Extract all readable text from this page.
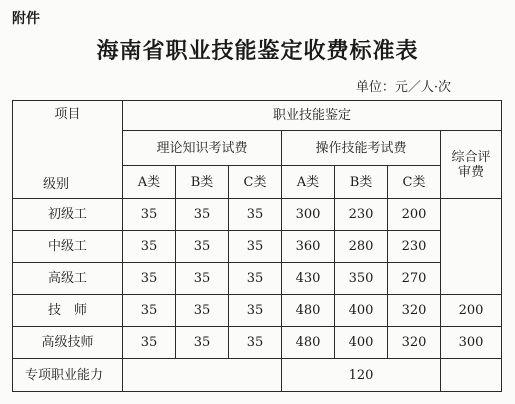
附件
海南省职业技能鉴定收费标准表
单位：元／人·次
项目
级别	职业技能鉴定						
	理论知识考试费			操作技能考试费			综合评审费
	A类	B类	C类	A类	B类	C类	
初级工	35	35	35	300	230	200	
中级工	35	35	35	360	280	230	
高级工	35	35	35	430	350	270	
技　师	35	35	35	480	400	320	200
高级技师	35	35	35	480	400	320	300
专项职业能力				120			
